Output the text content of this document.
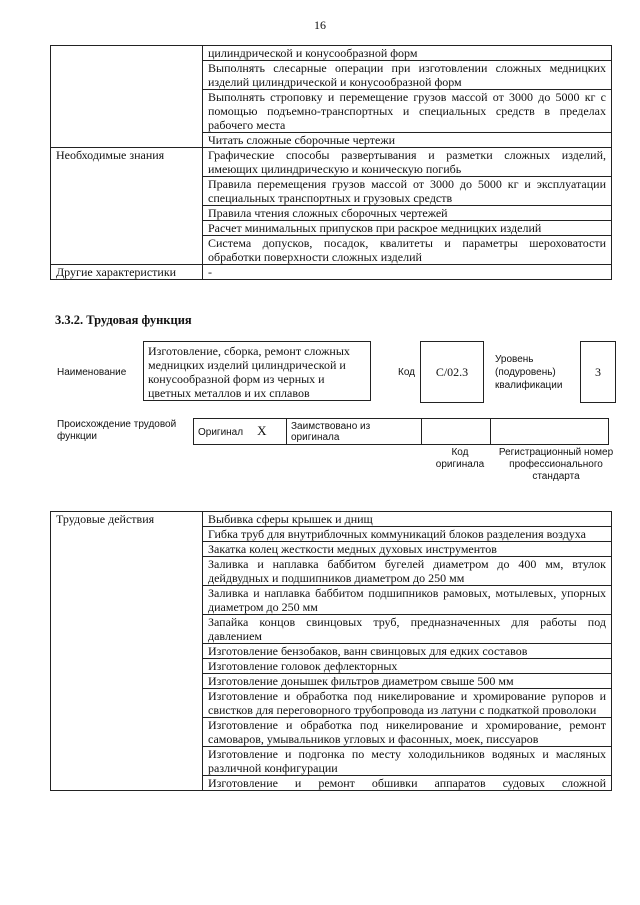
16
	цилиндрической и конусообразной форм
	Выполнять слесарные операции при изготовлении сложных медницких изделий цилиндрической и конусообразной форм
	Выполнять строповку и перемещение грузов массой от 3000 до 5000 кг с помощью подъемно-транспортных и специальных средств в пределах рабочего места
	Читать сложные сборочные чертежи
Необходимые знания	Графические способы развертывания и разметки сложных изделий, имеющих цилиндрическую и коническую погибь
	Правила перемещения грузов массой от 3000 до 5000 кг и эксплуатации специальных транспортных и грузовых средств
	Правила чтения сложных сборочных чертежей
	Расчет минимальных припусков при раскрое медницких изделий
	Система допусков, посадок, квалитеты и параметры шероховатости обработки поверхности сложных изделий
Другие характеристики	-
3.3.2. Трудовая функция
Наименование
Изготовление, сборка, ремонт сложных медницких изделий цилиндрической и конусообразной форм из черных и цветных металлов и их сплавов
Код	C/02.3
Уровень (подуровень) квалификации
3
Происхождение трудовой функции	Оригинал X	Заимствовано из оригинала		
Код оригинала
Регистрационный номер профессионального стандарта
Трудовые действия	Выбивка сферы крышек и днищ
Гибка труб для внутриблочных коммуникаций блоков разделения воздуха
Закатка колец жесткости медных духовых инструментов
Заливка и наплавка баббитом бугелей диаметром до 400 мм, втулок дейдвудных и подшипников диаметром до 250 мм
Заливка и наплавка баббитом подшипников рамовых, мотылевых, упорных диаметром до 250 мм
Запайка концов свинцовых труб, предназначенных для работы под давлением
Изготовление бензобаков, ванн свинцовых для едких составов
Изготовление головок дефлекторных
Изготовление донышек фильтров диаметром свыше 500 мм
Изготовление и обработка под никелирование и хромирование рупоров и свистков для переговорного трубопровода из латуни с подкаткой проволоки
Изготовление и обработка под никелирование и хромирование, ремонт самоваров, умывальников угловых и фасонных, моек, писсуаров
Изготовление и подгонка по месту холодильников водяных и масляных различной конфигурации
Изготовление и ремонт обшивки аппаратов судовых сложной
